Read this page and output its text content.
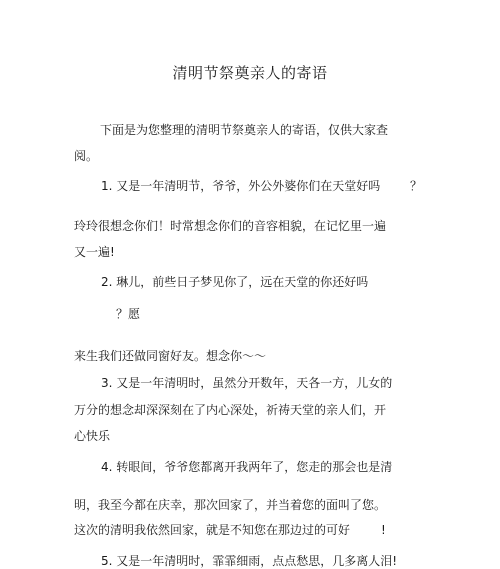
清明节祭奠亲人的寄语
下面是为您整理的清明节祭奠亲人的寄语，仅供大家查
阅。
1. 又是一年清明节，爷爷，外公外婆你们在天堂好吗 ？
玲玲很想念你们！时常想念你们的音容相貌，在记忆里一遍
又一遍!
2. 琳儿，前些日子梦见你了，远在天堂的你还好吗
？愿
来生我们还做同窗好友。想念你～～
3. 又是一年清明时，虽然分开数年，天各一方，儿女的
万分的想念却深深刻在了内心深处，祈祷天堂的亲人们，开
心快乐
4. 转眼间，爷爷您都离开我两年了，您走的那会也是清
明，我至今都在庆幸，那次回家了，并当着您的面叫了您。
这次的清明我依然回家，就是不知您在那边过的可好	!
5. 又是一年清明时，霏霏细雨，点点愁思，几多离人泪!
